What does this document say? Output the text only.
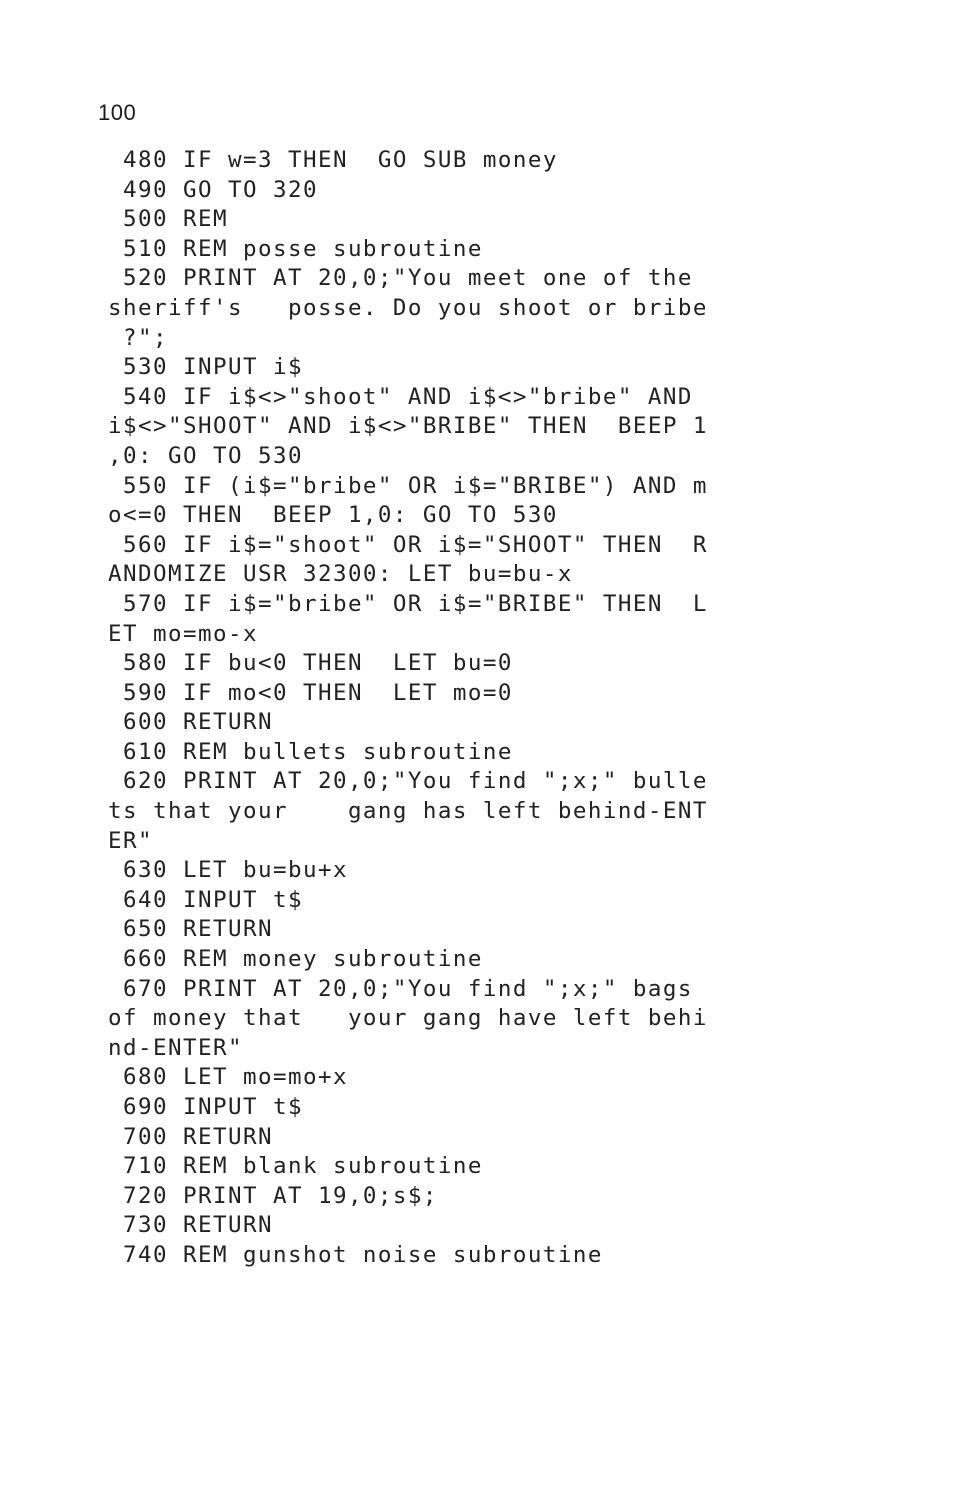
100
480 IF w=3 THEN  GO SUB money
490 GO TO 320
500 REM
510 REM posse subroutine
520 PRINT AT 20,0;"You meet one of the
sheriff's   posse. Do you shoot or bribe
?";
530 INPUT i$
540 IF i$<>"shoot" AND i$<>"bribe" AND
i$<>"SHOOT" AND i$<>"BRIBE" THEN  BEEP 1
,0: GO TO 530
550 IF (i$="bribe" OR i$="BRIBE") AND m
o<=0 THEN  BEEP 1,0: GO TO 530
560 IF i$="shoot" OR i$="SHOOT" THEN  R
ANDOMIZE USR 32300: LET bu=bu-x
570 IF i$="bribe" OR i$="BRIBE" THEN  L
ET mo=mo-x
580 IF bu<0 THEN  LET bu=0
590 IF mo<0 THEN  LET mo=0
600 RETURN
610 REM bullets subroutine
620 PRINT AT 20,0;"You find ";x;" bulle
ts that your    gang has left behind-ENT
ER"
630 LET bu=bu+x
640 INPUT t$
650 RETURN
660 REM money subroutine
670 PRINT AT 20,0;"You find ";x;" bags
of money that   your gang have left behi
nd-ENTER"
680 LET mo=mo+x
690 INPUT t$
700 RETURN
710 REM blank subroutine
720 PRINT AT 19,0;s$;
730 RETURN
740 REM gunshot noise subroutine
